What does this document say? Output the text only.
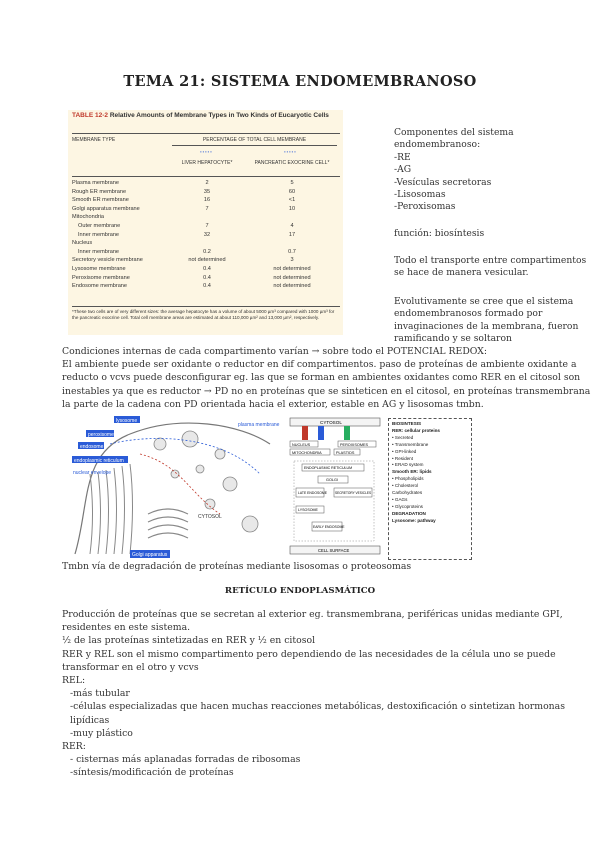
TEMA 21: SISTEMA ENDOMEMBRANOSO
TABLE 12-2 Relative Amounts of Membrane Types in Two Kinds of Eucaryotic Cells
MEMBRANE TYPE	PERCENTAGE OF TOTAL CELL MEMBRANE
▪ ▪ ▪ ▪ ▪	▪ ▪ ▪ ▪ ▪
LIVER HEPATOCYTE*	PANCREATIC EXOCRINE CELL*
Plasma membrane	2	5
Rough ER membrane	35	60
Smooth ER membrane	16	<1
Golgi apparatus membrane	7	10
Mitochondria
Outer membrane	7	4
Inner membrane	32	17
Nucleus
Inner membrane	0.2	0.7
Secretory vesicle membrane	not determined	3
Lysosome membrane	0.4	not determined
Peroxisome membrane	0.4	not determined
Endosome membrane	0.4	not determined
*These two cells are of very different sizes: the average hepatocyte has a volume of about 5000 µm³ compared with 1000 µm³ for the pancreatic exocrine cell. Total cell membrane areas are estimated at about 110,000 µm² and 13,000 µm², respectively.
Componentes del sistema endomembranoso:
-RE
-AG
-Vesículas secretoras
-Lisosomas
-Peroxisomas
función: biosíntesis
Todo el transporte entre compartimentos se hace de manera vesicular.
Evolutivamente se cree que el sistema endomembranosos formado por invaginaciones de la membrana, fueron ramificando y se soltaron
Condiciones internas de cada compartimento varían → sobre todo el POTENCIAL REDOX:
El ambiente puede ser oxidante o reductor en dif compartimentos. paso de proteínas de ambiente oxidante a reducto o vcvs puede desconfigurar eg. las que se forman en ambientes oxidantes como RER en el citosol son inestables ya que es reductor → PD no en proteínas que se sinteticen en el citosol, en proteínas transmembrana la parte de la cadena con PD orientada hacia el exterior, estable en AG y lisosomas tmbn.
lysosome
peroxisome
endosome
endoplasmic reticulum
nuclear envelope
Golgi apparatus
CYTOSOL
plasma membrane	CYTOSOL
NUCLEUS
MITOCHONDRIA	PLASTIDS
PEROXISOMES
ENDOPLASMIC RETICULUM
GOLGI
LATE ENDOSOME	SECRETORY VESICLES
LYSOSOME
EARLY ENDOSOME
CELL SURFACE
BIOSINTESIS
RER: cellular proteins
• Secreted
• Transmembrane
• GPI-linked
• Resident
• ERAD system
Smooth ER: lipids
• Phospholipids
• Cholesterol
Carbohydrates
• GAGs
• Glycoproteins
DEGRADATION
Lysosome: pathway
Tmbn vía de degradación de proteínas mediante lisosomas o proteosomas
RETÍCULO ENDOPLASMÁTICO
Producción de proteínas que se secretan al exterior eg. transmembrana, periféricas unidas mediante GPI, residentes en este sistema.
½ de las proteínas sintetizadas en RER y ½ en citosol
RER y REL son el mismo compartimento pero dependiendo de las necesidades de la célula uno se puede transformar en el otro y vcvs
REL:
-más tubular
-células especializadas que hacen muchas reacciones metabólicas, destoxificación o sintetizan hormonas lipídicas
-muy plástico
RER:
- cisternas más aplanadas forradas de ribosomas
-síntesis/modificación de proteínas
